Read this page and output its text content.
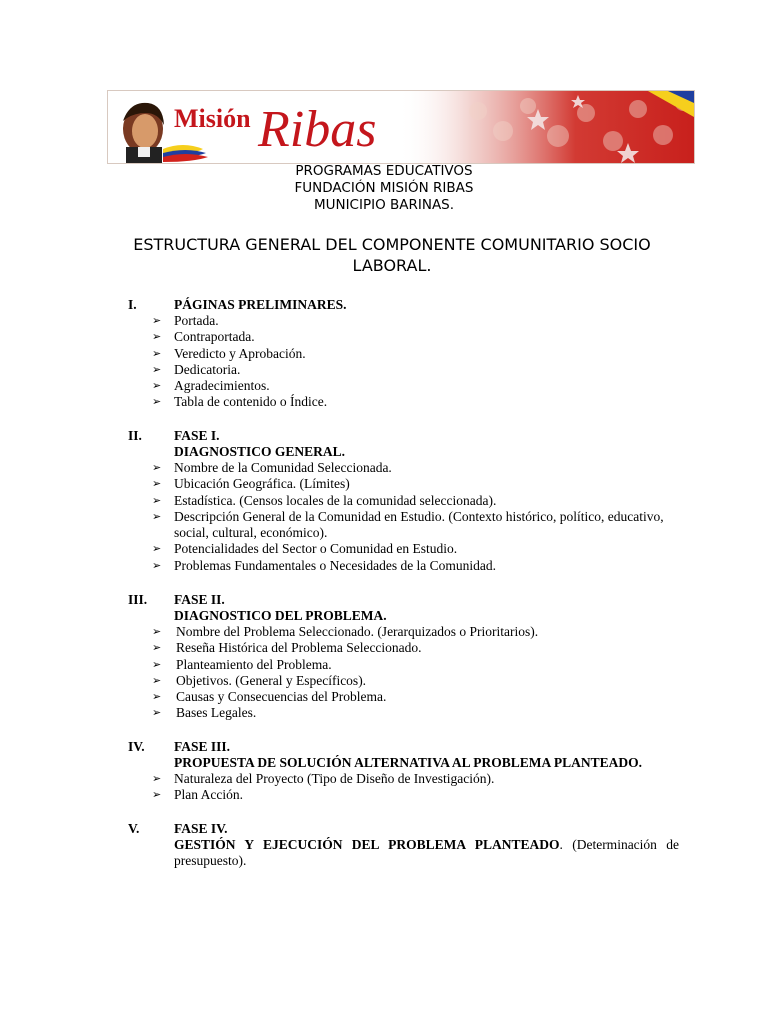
Misión Ribas
PROGRAMAS EDUCATIVOS
FUNDACIÓN MISIÓN RIBAS
MUNICIPIO BARINAS.
ESTRUCTURA GENERAL DEL COMPONENTE COMUNITARIO SOCIO
LABORAL.
I.	PÁGINAS PRELIMINARES.
➢ Portada.
➢ Contraportada.
➢ Veredicto y Aprobación.
➢ Dedicatoria.
➢ Agradecimientos.
➢ Tabla de contenido o Índice.
II. FASE I.
DIAGNOSTICO GENERAL.
➢ Nombre de la Comunidad Seleccionada.
➢ Ubicación Geográfica. (Límites)
➢ Estadística. (Censos locales de la comunidad seleccionada).
➢ Descripción General de la Comunidad en Estudio. (Contexto histórico, político, educativo,
social, cultural, económico).
➢ Potencialidades del Sector o Comunidad en Estudio.
➢ Problemas Fundamentales o Necesidades de la Comunidad.
III. FASE II.
DIAGNOSTICO DEL PROBLEMA.
➢ Nombre del Problema Seleccionado. (Jerarquizados o Prioritarios).
➢ Reseña Histórica del Problema Seleccionado.
➢ Planteamiento del Problema.
➢ Objetivos. (General y Específicos).
➢ Causas y Consecuencias del Problema.
➢ Bases Legales.
IV. FASE III.
PROPUESTA DE SOLUCIÓN ALTERNATIVA AL PROBLEMA PLANTEADO.
➢ Naturaleza del Proyecto (Tipo de Diseño de Investigación).
➢ Plan Acción.
V.	FASE IV.
GESTIÓN Y EJECUCIÓN DEL PROBLEMA PLANTEADO. (Determinación de presupuesto).
